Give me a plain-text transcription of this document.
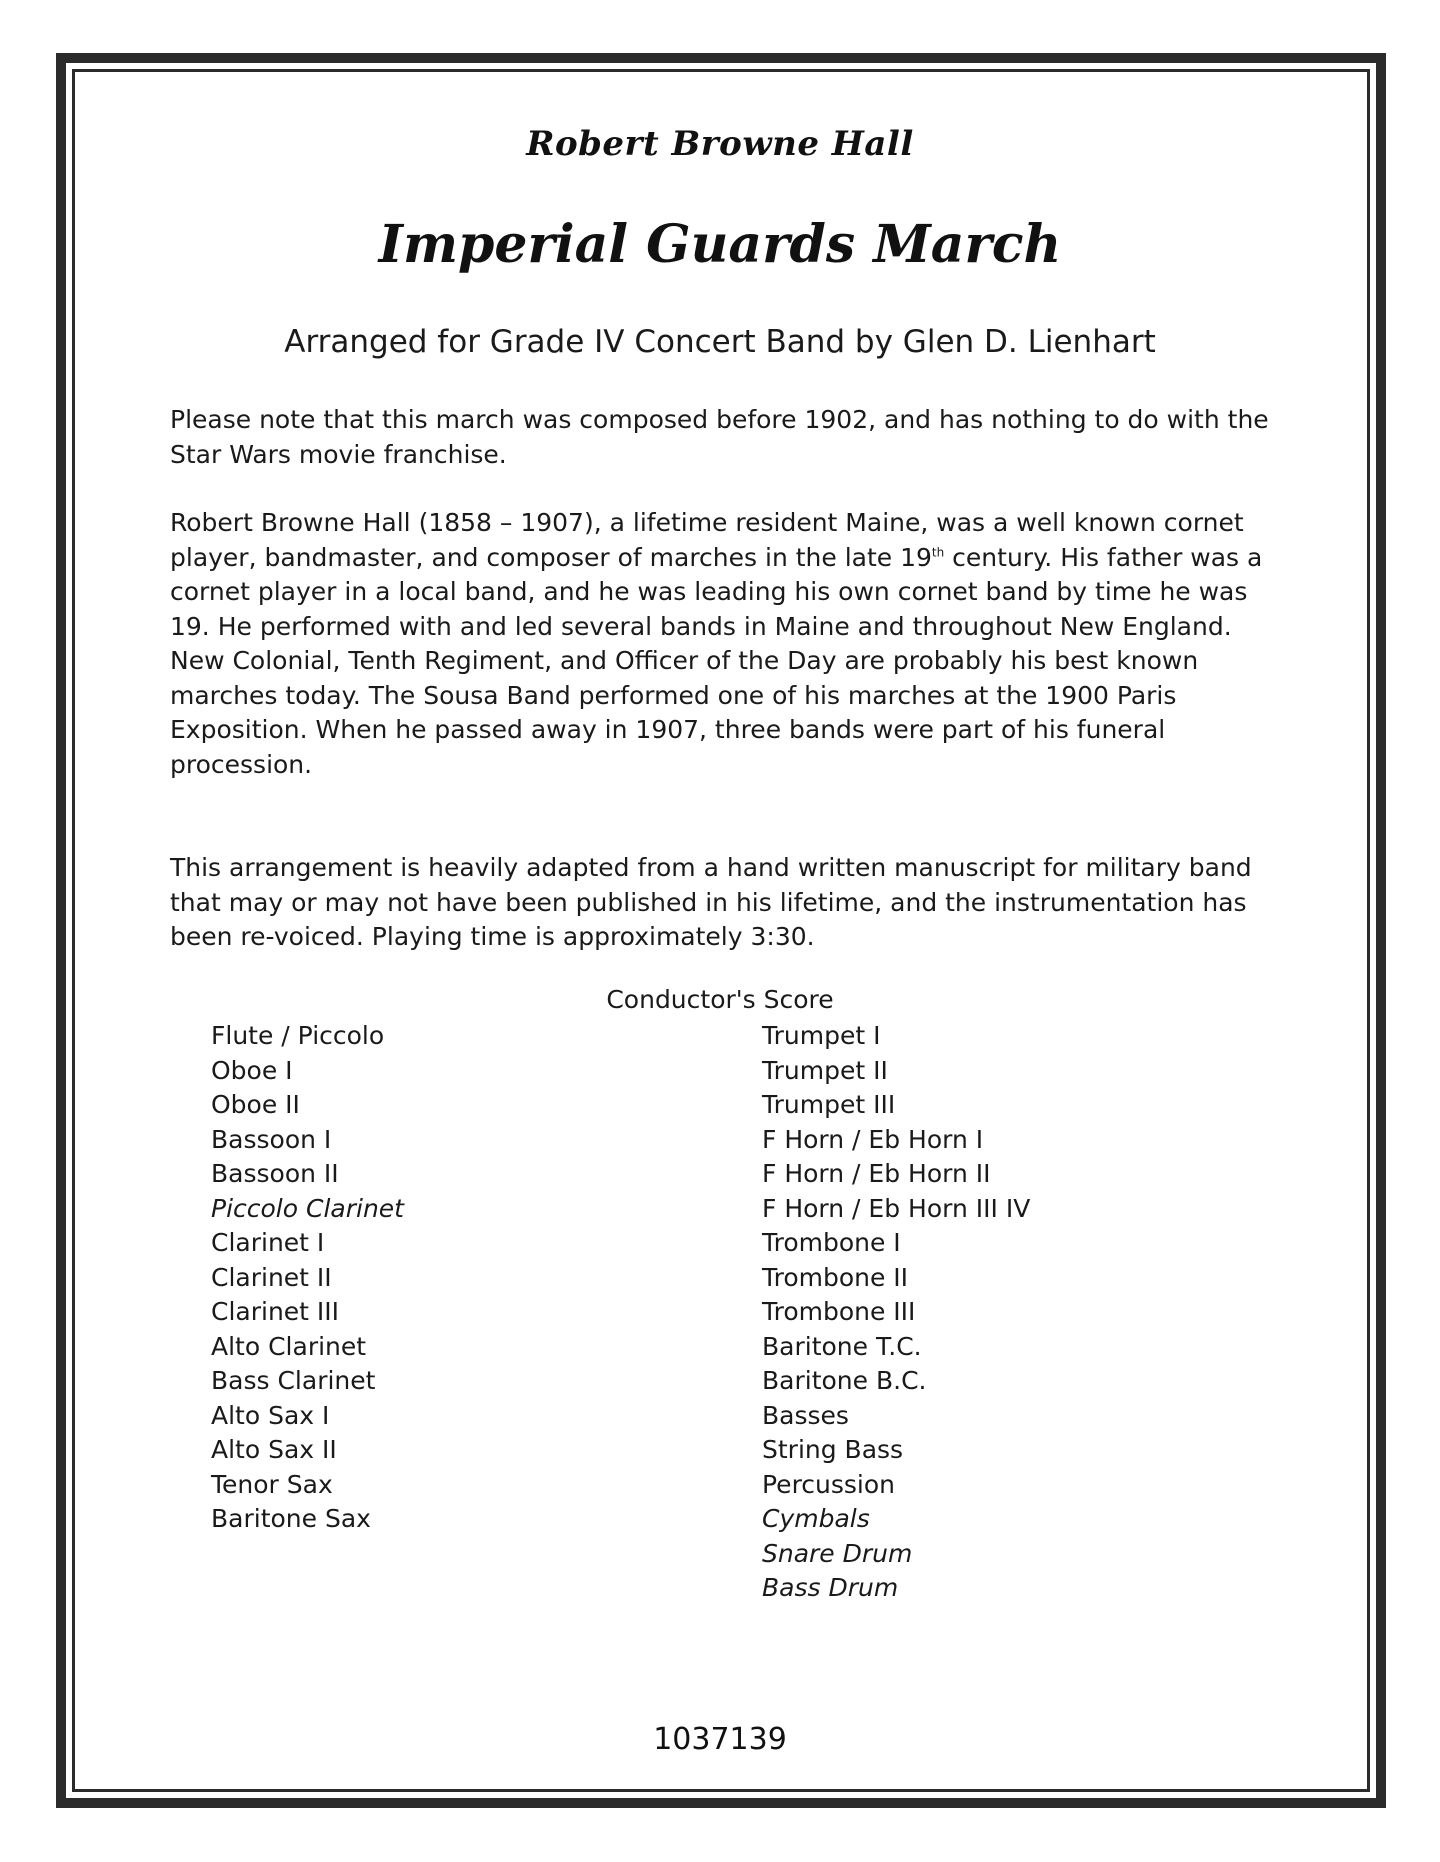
Robert Browne Hall
Imperial Guards March
Arranged for Grade IV Concert Band by Glen D. Lienhart

Please note that this march was composed before 1902, and has nothing to do with the Star Wars movie franchise.

Robert Browne Hall (1858 – 1907), a lifetime resident Maine, was a well known cornet player, bandmaster, and composer of marches in the late 19th century. His father was a cornet player in a local band, and he was leading his own cornet band by time he was 19. He performed with and led several bands in Maine and throughout New England. New Colonial, Tenth Regiment, and Officer of the Day are probably his best known marches today. The Sousa Band performed one of his marches at the 1900 Paris Exposition. When he passed away in 1907, three bands were part of his funeral procession.

This arrangement is heavily adapted from a hand written manuscript for military band that may or may not have been published in his lifetime, and the instrumentation has been re-voiced. Playing time is approximately 3:30.

Conductor's Score
Flute / Piccolo
Oboe I
Oboe II
Bassoon I
Bassoon II
Piccolo Clarinet
Clarinet I
Clarinet II
Clarinet III
Alto Clarinet
Bass Clarinet
Alto Sax I
Alto Sax II
Tenor Sax
Baritone Sax
Trumpet I
Trumpet II
Trumpet III
F Horn / Eb Horn I
F Horn / Eb Horn II
F Horn / Eb Horn III IV
Trombone I
Trombone II
Trombone III
Baritone T.C.
Baritone B.C.
Basses
String Bass
Percussion
Cymbals
Snare Drum
Bass Drum
1037139
